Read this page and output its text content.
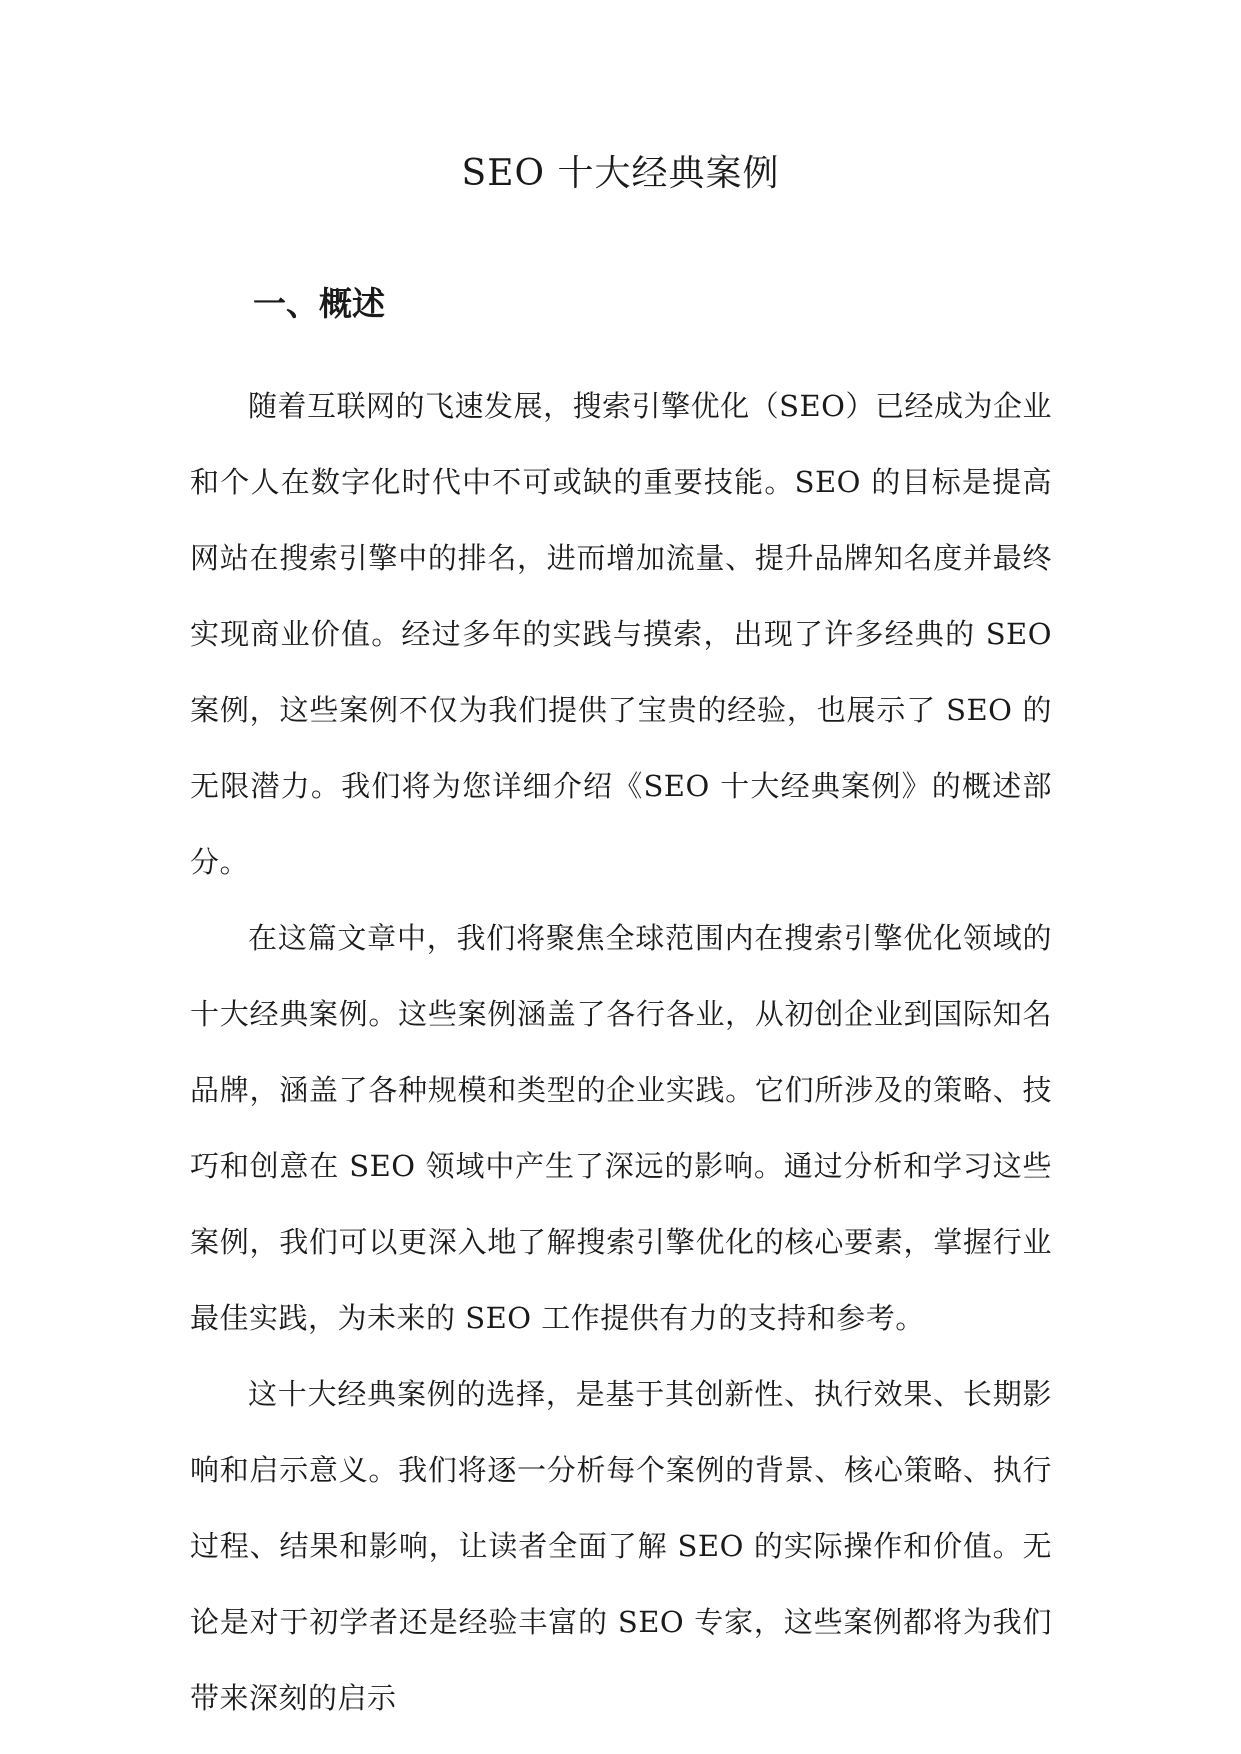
SEO 十大经典案例
一、概述

随着互联网的飞速发展，搜索引擎优化（SEO）已经成为企业和个人在数字化时代中不可或缺的重要技能。SEO 的目标是提高网站在搜索引擎中的排名，进而增加流量、提升品牌知名度并最终实现商业价值。经过多年的实践与摸索，出现了许多经典的 SEO 案例，这些案例不仅为我们提供了宝贵的经验，也展示了 SEO 的无限潜力。我们将为您详细介绍《SEO 十大经典案例》的概述部分。

在这篇文章中，我们将聚焦全球范围内在搜索引擎优化领域的十大经典案例。这些案例涵盖了各行各业，从初创企业到国际知名品牌，涵盖了各种规模和类型的企业实践。它们所涉及的策略、技巧和创意在 SEO 领域中产生了深远的影响。通过分析和学习这些案例，我们可以更深入地了解搜索引擎优化的核心要素，掌握行业最佳实践，为未来的 SEO 工作提供有力的支持和参考。

这十大经典案例的选择，是基于其创新性、执行效果、长期影响和启示意义。我们将逐一分析每个案例的背景、核心策略、执行过程、结果和影响，让读者全面了解 SEO 的实际操作和价值。无论是对于初学者还是经验丰富的 SEO 专家，这些案例都将为我们带来深刻的启示
